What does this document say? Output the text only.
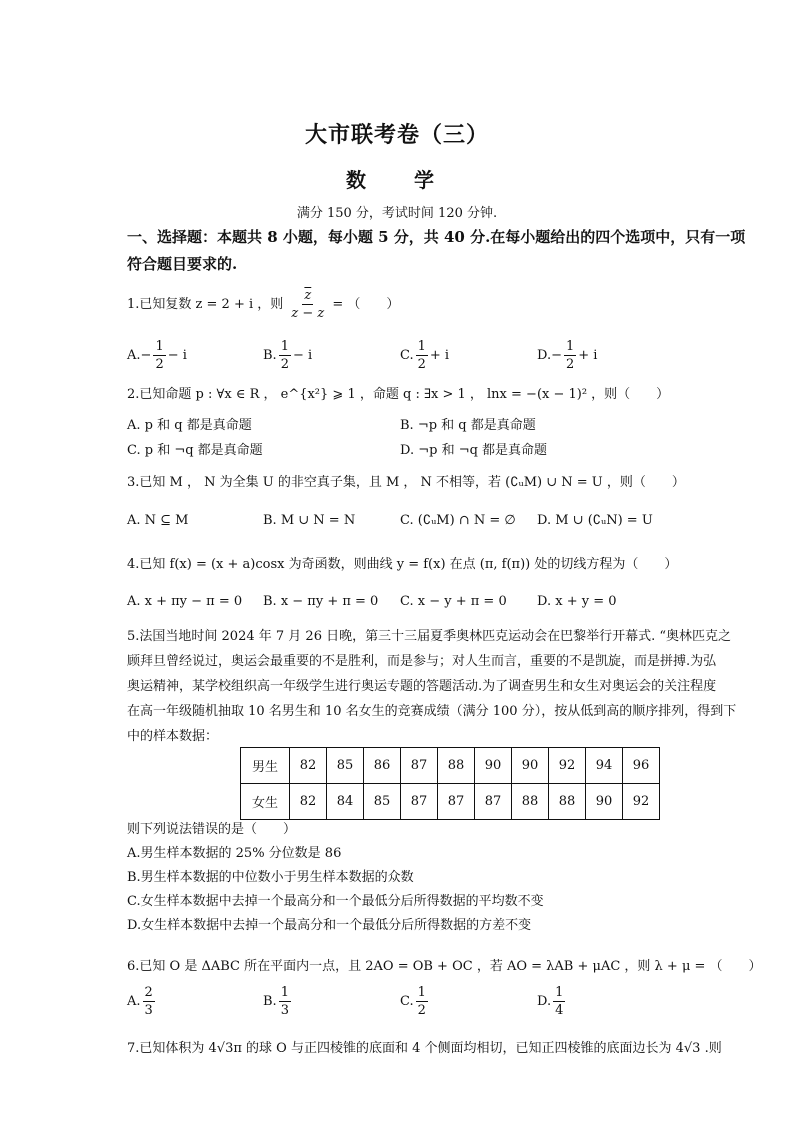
大市联考卷（三）
数　学
满分 150 分，考试时间 120 分钟.
一、选择题：本题共 8 小题，每小题 5 分，共 40 分.在每小题给出的四个选项中，只有一项
符合题目要求的.
1.已知复数 z = 2 + i ，则 $\frac{\overline{z}}{z - z}$ = （　　）
$A.- \frac{1}{2} - i$	B. $\frac{1}{2} - i$	C. $\frac{1}{2} + i$	$D.- \frac{1}{2} + i$
2.已知命题 p : ∀x ∈ R ， e^{x²} ⩾ 1 ，命题 q : ∃x > 1 ， lnx = −(x − 1)² ，则（　　）
A. p 和 q 都是真命题	B. ¬p 和 q 都是真命题
C. p 和 ¬q 都是真命题	D. ¬p 和 ¬q 都是真命题
3.已知 M ， N 为全集 U 的非空真子集，且 M ， N 不相等，若 (∁ᵤM) ∪ N = U ，则（　　）
A. N ⊆ M	B. M ∪ N = N	C. (∁ᵤM) ∩ N = ∅ D. M ∪ (∁ᵤN) = U
4.已知 f(x) = (x + a)cosx 为奇函数，则曲线 y = f(x) 在点 (π, f(π)) 处的切线方程为（　　）
A. x + πy − π = 0 B. x − πy + π = 0 C. x − y + π = 0 D. x + y = 0
5.法国当地时间 2024 年 7 月 26 日晚，第三十三届夏季奥林匹克运动会在巴黎举行开幕式. “奥林匹克之
顾拜旦曾经说过，奥运会最重要的不是胜利，而是参与；对人生而言，重要的不是凯旋，而是拼搏.为弘
奥运精神，某学校组织高一年级学生进行奥运专题的答题活动.为了调查男生和女生对奥运会的关注程度
在高一年级随机抽取 10 名男生和 10 名女生的竞赛成绩（满分 100 分），按从低到高的顺序排列，得到下
中的样本数据：
男生	82	85	86	87	88	90	90	92	94	96
女生	82	84	85	87	87	87	88	88	90	92
则下列说法错误的是（　　）
A.男生样本数据的 25% 分位数是 86
B.男生样本数据的中位数小于男生样本数据的众数
C.女生样本数据中去掉一个最高分和一个最低分后所得数据的平均数不变
D.女生样本数据中去掉一个最高分和一个最低分后所得数据的方差不变
6.已知 O 是 ΔABC 所在平面内一点，且 2AO = OB + OC ，若 AO = λAB + μAC ，则 λ + μ = （　　）
A. $\frac{2}{3}$	B. $\frac{1}{3}$	C. $\frac{1}{2}$	D. $\frac{1}{4}$
7.已知体积为 4√3π 的球 O 与正四棱锥的底面和 4 个侧面均相切，已知正四棱锥的底面边长为 4√3 .则
